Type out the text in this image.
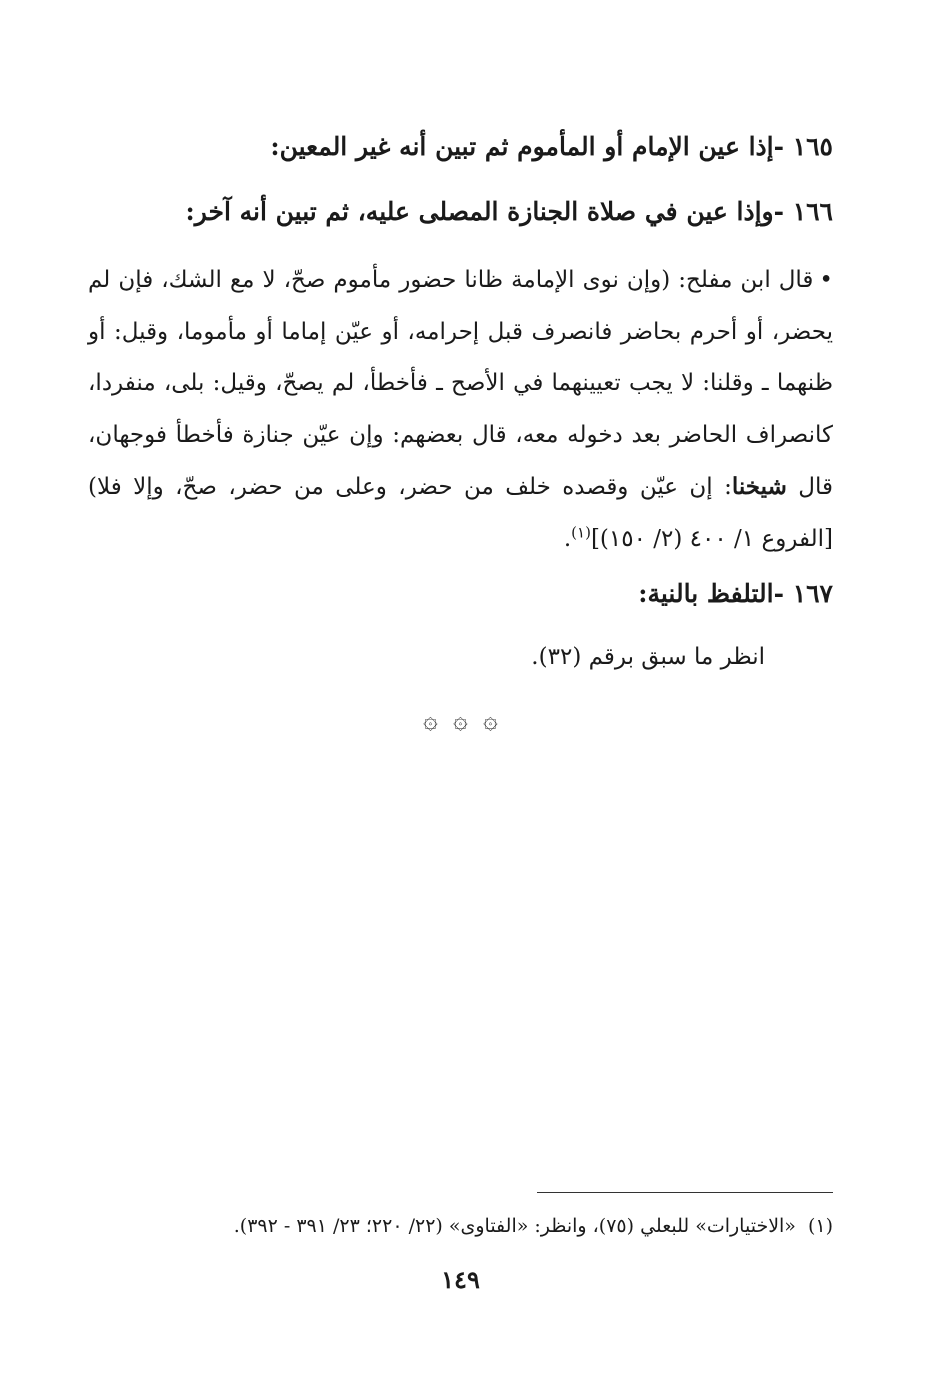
١٦٥ -إذا عين الإمام أو المأموم ثم تبين أنه غير المعين:
١٦٦ -وإذا عين في صلاة الجنازة المصلى عليه، ثم تبين أنه آخر:
•قال ابن مفلح: (وإن نوى الإمامة ظانا حضور مأموم صحّ، لا مع الشك، فإن لم يحضر، أو أحرم بحاضر فانصرف قبل إحرامه، أو عيّن إماما أو مأموما، وقيل: أو ظنهما ـ وقلنا: لا يجب تعيينهما في الأصح ـ فأخطأ، لم يصحّ، وقيل: بلى، منفردا، كانصراف الحاضر بعد دخوله معه، قال بعضهم: وإن عيّن جنازة فأخطأ فوجهان، قال شيخنا: إن عيّن وقصده خلف من حضر، وعلى من حضر، صحّ، وإلا فلا) [الفروع ١/ ٤٠٠ (٢/ ١٥٠)]$^{(١)}$.
١٦٧ -التلفظ بالنية:
انظر ما سبق برقم (٣٢).
۞ ۞ ۞
(١)«الاختيارات» للبعلي (٧٥)، وانظر: «الفتاوى» (٢٢/ ٢٢٠؛ ٢٣/ ٣٩١ - ٣٩٢).
١٤٩
